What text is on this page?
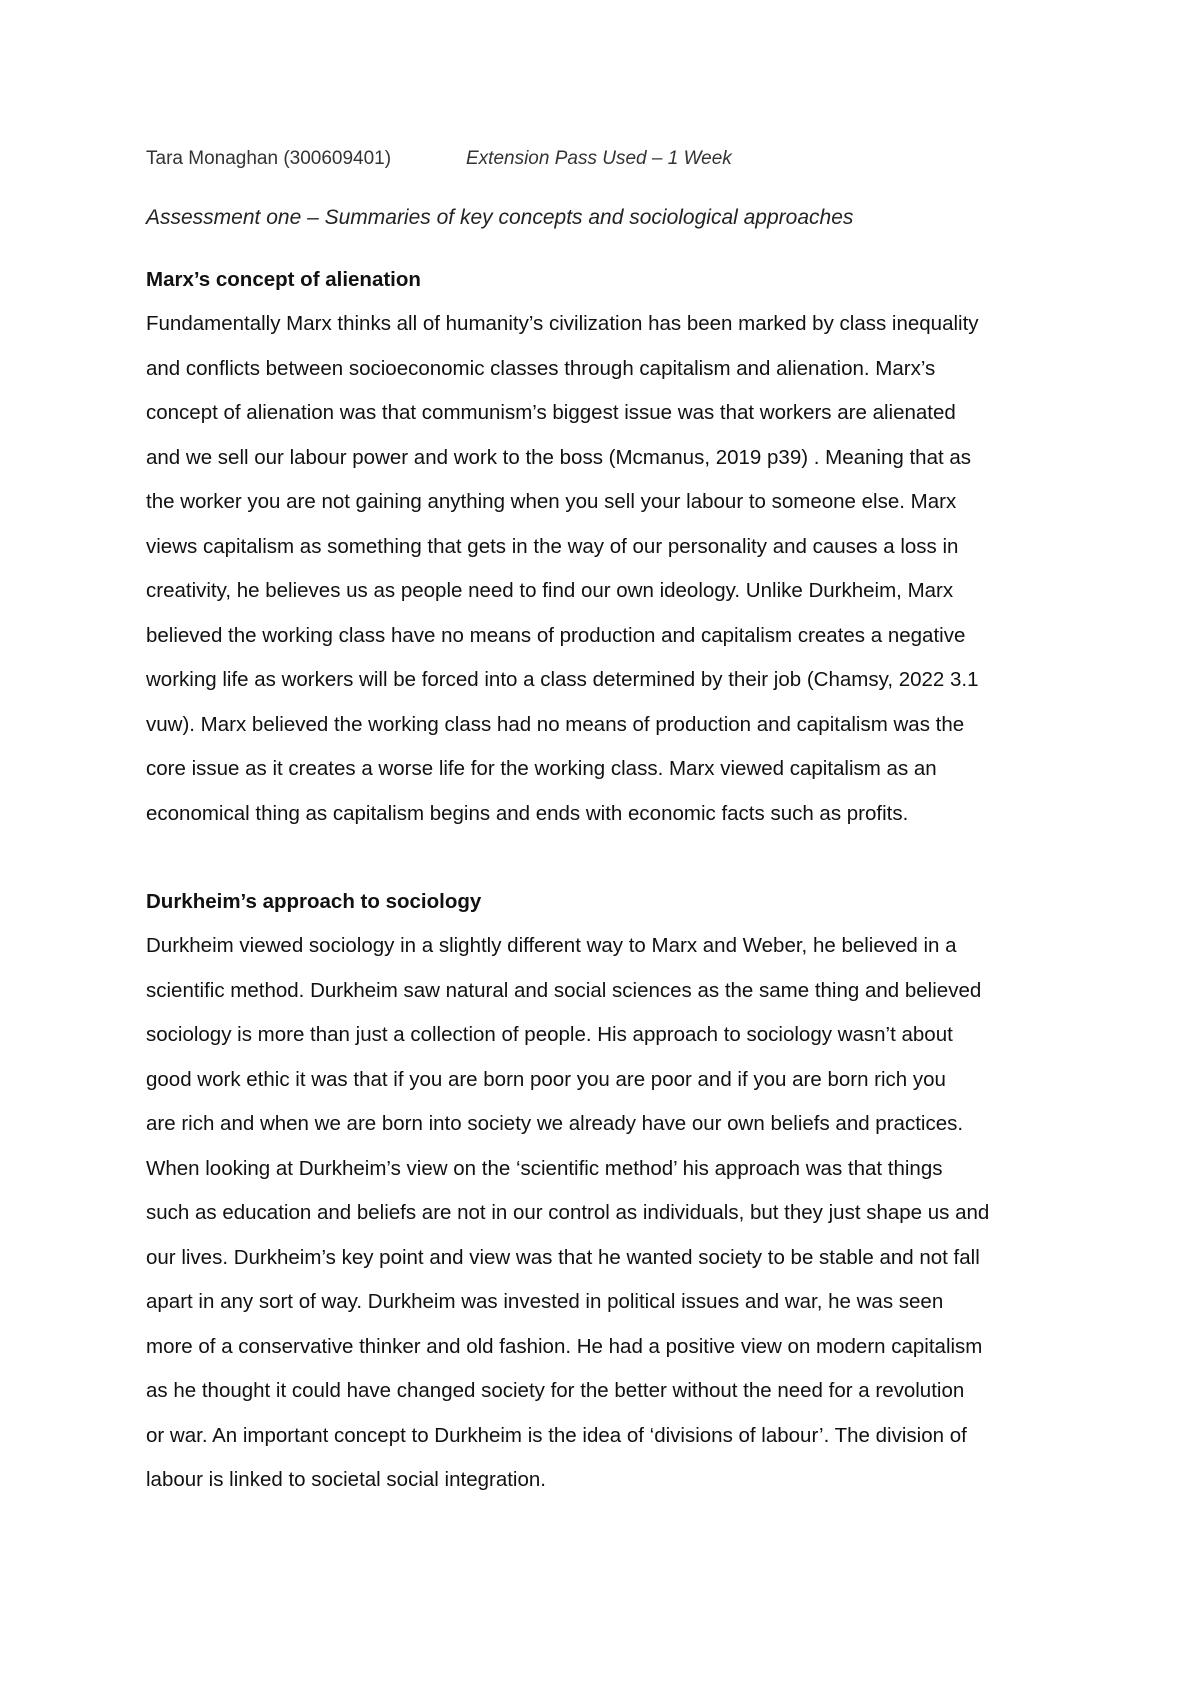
Tara Monaghan (300609401)	Extension Pass Used – 1 Week
Assessment one – Summaries of key concepts and sociological approaches
Marx’s concept of alienation

Fundamentally Marx thinks all of humanity’s civilization has been marked by class inequality
and conflicts between socioeconomic classes through capitalism and alienation. Marx’s
concept of alienation was that communism’s biggest issue was that workers are alienated
and we sell our labour power and work to the boss (Mcmanus, 2019 p39) . Meaning that as
the worker you are not gaining anything when you sell your labour to someone else. Marx
views capitalism as something that gets in the way of our personality and causes a loss in
creativity, he believes us as people need to find our own ideology. Unlike Durkheim, Marx
believed the working class have no means of production and capitalism creates a negative
working life as workers will be forced into a class determined by their job (Chamsy, 2022 3.1
vuw). Marx believed the working class had no means of production and capitalism was the
core issue as it creates a worse life for the working class. Marx viewed capitalism as an
economical thing as capitalism begins and ends with economic facts such as profits.

Durkheim’s approach to sociology

Durkheim viewed sociology in a slightly different way to Marx and Weber, he believed in a
scientific method. Durkheim saw natural and social sciences as the same thing and believed
sociology is more than just a collection of people. His approach to sociology wasn’t about
good work ethic it was that if you are born poor you are poor and if you are born rich you
are rich and when we are born into society we already have our own beliefs and practices.
When looking at Durkheim’s view on the ‘scientific method’ his approach was that things
such as education and beliefs are not in our control as individuals, but they just shape us and
our lives. Durkheim’s key point and view was that he wanted society to be stable and not fall
apart in any sort of way. Durkheim was invested in political issues and war, he was seen
more of a conservative thinker and old fashion. He had a positive view on modern capitalism
as he thought it could have changed society for the better without the need for a revolution
or war. An important concept to Durkheim is the idea of ‘divisions of labour’. The division of
labour is linked to societal social integration.
